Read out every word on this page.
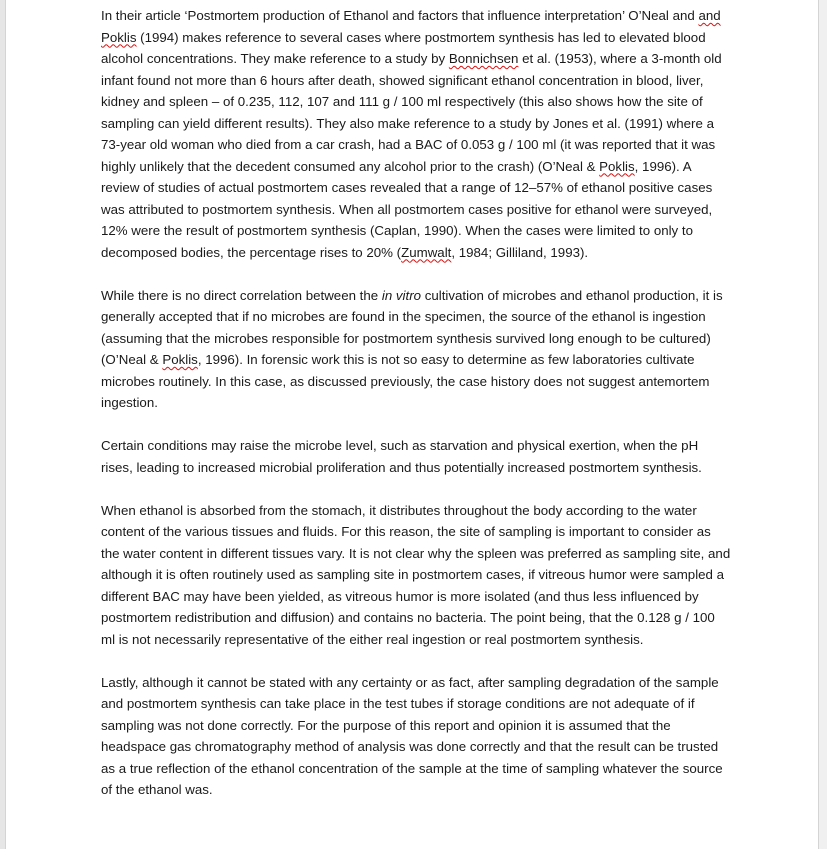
In their article ‘Postmortem production of Ethanol and factors that influence interpretation’ O’Neal and and Poklis (1994) makes reference to several cases where postmortem synthesis has led to elevated blood alcohol concentrations. They make reference to a study by Bonnichsen et al. (1953), where a 3-month old infant found not more than 6 hours after death, showed significant ethanol concentration in blood, liver, kidney and spleen – of 0.235, 112, 107 and 111 g / 100 ml respectively (this also shows how the site of sampling can yield different results). They also make reference to a study by Jones et al. (1991) where a 73-year old woman who died from a car crash, had a BAC of 0.053 g / 100 ml (it was reported that it was highly unlikely that the decedent consumed any alcohol prior to the crash) (O’Neal & Poklis, 1996). A review of studies of actual postmortem cases revealed that a range of 12–57% of ethanol positive cases was attributed to postmortem synthesis. When all postmortem cases positive for ethanol were surveyed, 12% were the result of postmortem synthesis (Caplan, 1990). When the cases were limited to only to decomposed bodies, the percentage rises to 20% (Zumwalt, 1984; Gilliland, 1993).

While there is no direct correlation between the in vitro cultivation of microbes and ethanol production, it is generally accepted that if no microbes are found in the specimen, the source of the ethanol is ingestion (assuming that the microbes responsible for postmortem synthesis survived long enough to be cultured) (O’Neal & Poklis, 1996). In forensic work this is not so easy to determine as few laboratories cultivate microbes routinely. In this case, as discussed previously, the case history does not suggest antemortem ingestion.

Certain conditions may raise the microbe level, such as starvation and physical exertion, when the pH rises, leading to increased microbial proliferation and thus potentially increased postmortem synthesis.

When ethanol is absorbed from the stomach, it distributes throughout the body according to the water content of the various tissues and fluids. For this reason, the site of sampling is important to consider as the water content in different tissues vary. It is not clear why the spleen was preferred as sampling site, and although it is often routinely used as sampling site in postmortem cases, if vitreous humor were sampled a different BAC may have been yielded, as vitreous humor is more isolated (and thus less influenced by postmortem redistribution and diffusion) and contains no bacteria. The point being, that the 0.128 g / 100 ml is not necessarily representative of the either real ingestion or real postmortem synthesis.

Lastly, although it cannot be stated with any certainty or as fact, after sampling degradation of the sample and postmortem synthesis can take place in the test tubes if storage conditions are not adequate of if sampling was not done correctly. For the purpose of this report and opinion it is assumed that the headspace gas chromatography method of analysis was done correctly and that the result can be trusted as a true reflection of the ethanol concentration of the sample at the time of sampling whatever the source of the ethanol was.
